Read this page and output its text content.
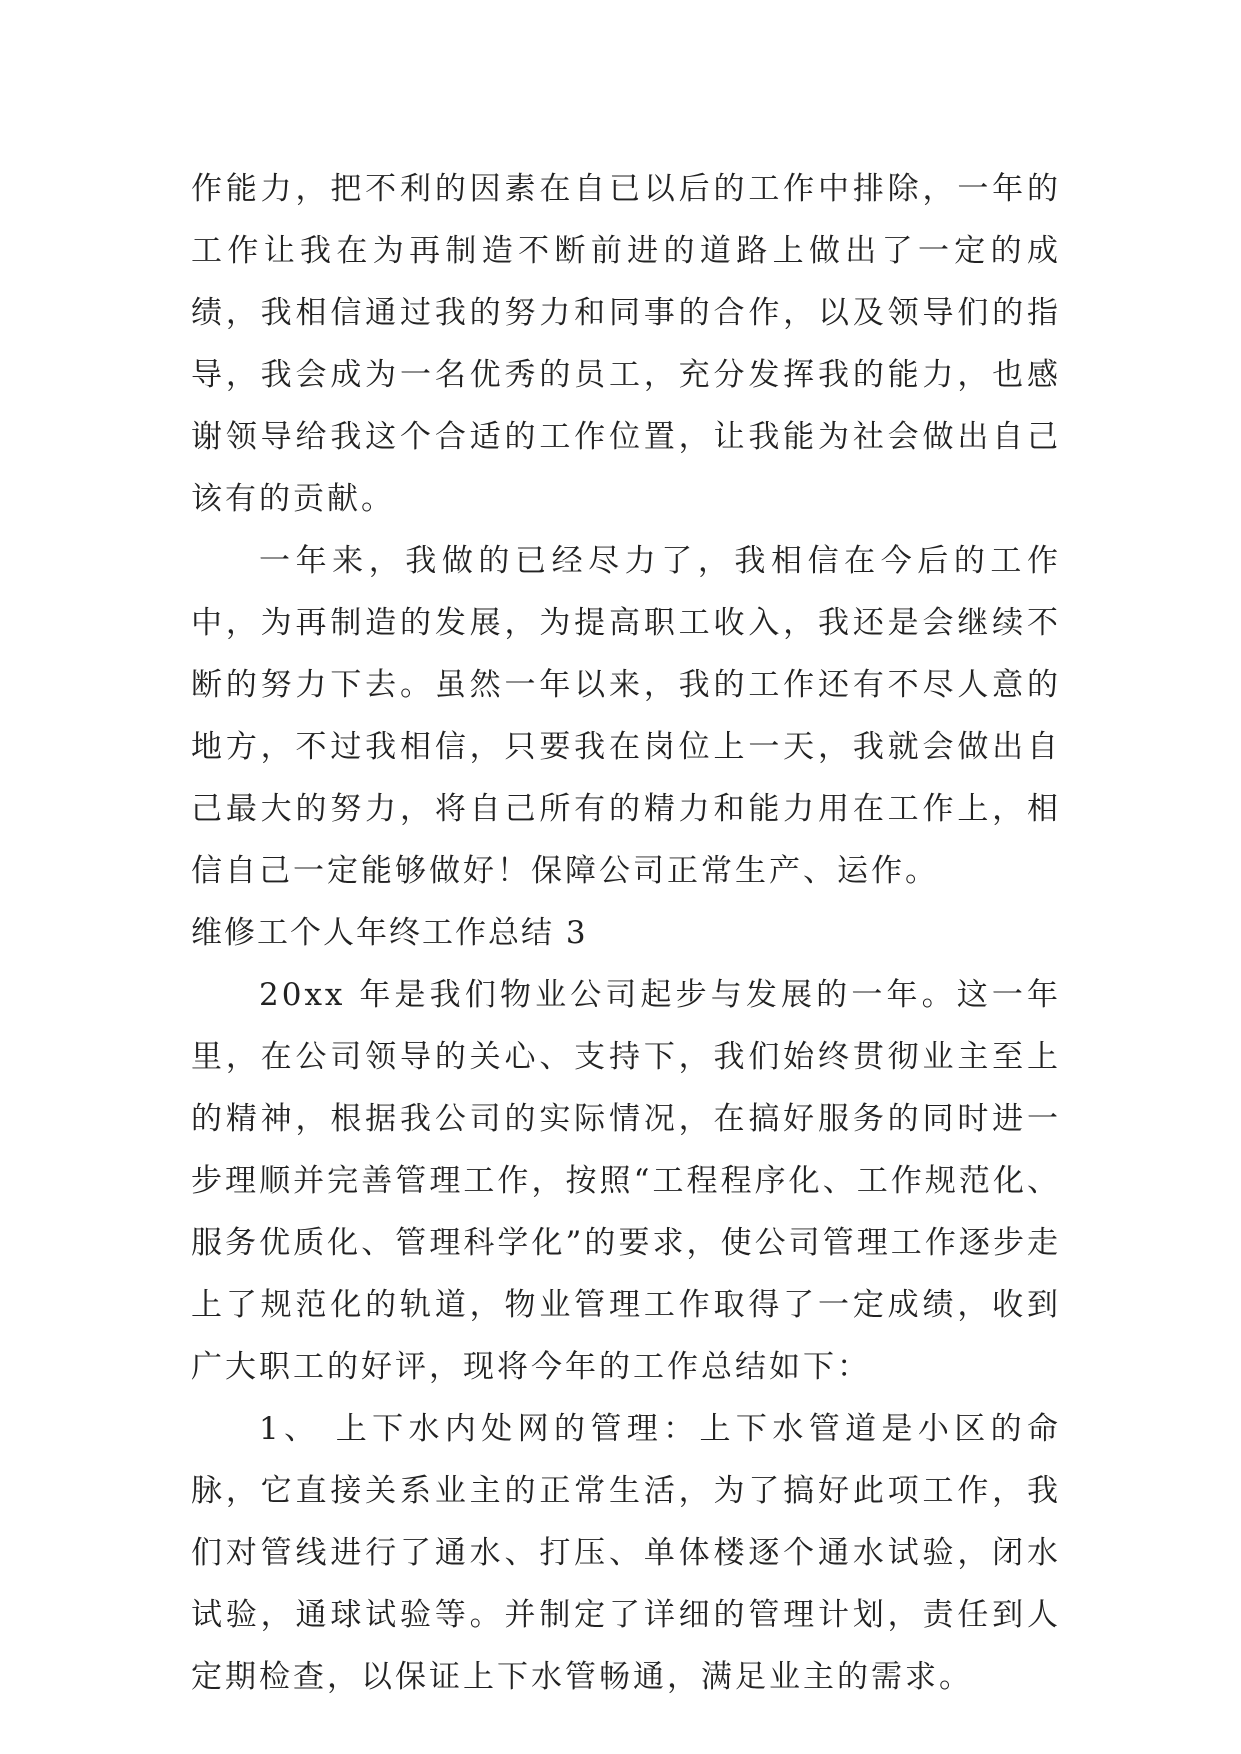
作能力，把不利的因素在自已以后的工作中排除，一年的工作让我在为再制造不断前进的道路上做出了一定的成绩，我相信通过我的努力和同事的合作，以及领导们的指导，我会成为一名优秀的员工，充分发挥我的能力，也感谢领导给我这个合适的工作位置，让我能为社会做出自己该有的贡献。

一年来，我做的已经尽力了，我相信在今后的工作中，为再制造的发展，为提高职工收入，我还是会继续不断的努力下去。虽然一年以来，我的工作还有不尽人意的地方，不过我相信，只要我在岗位上一天，我就会做出自己最大的努力，将自己所有的精力和能力用在工作上，相信自己一定能够做好！保障公司正常生产、运作。

维修工个人年终工作总结 3

20xx 年是我们物业公司起步与发展的一年。这一年里，在公司领导的关心、支持下，我们始终贯彻业主至上的精神，根据我公司的实际情况，在搞好服务的同时进一步理顺并完善管理工作，按照“工程程序化、工作规范化、服务优质化、管理科学化”的要求，使公司管理工作逐步走上了规范化的轨道，物业管理工作取得了一定成绩，收到广大职工的好评，现将今年的工作总结如下：

1、 上下水内处网的管理：上下水管道是小区的命脉，它直接关系业主的正常生活，为了搞好此项工作，我们对管线进行了通水、打压、单体楼逐个通水试验，闭水试验，通球试验等。并制定了详细的管理计划，责任到人定期检查，以保证上下水管畅通，满足业主的需求。
